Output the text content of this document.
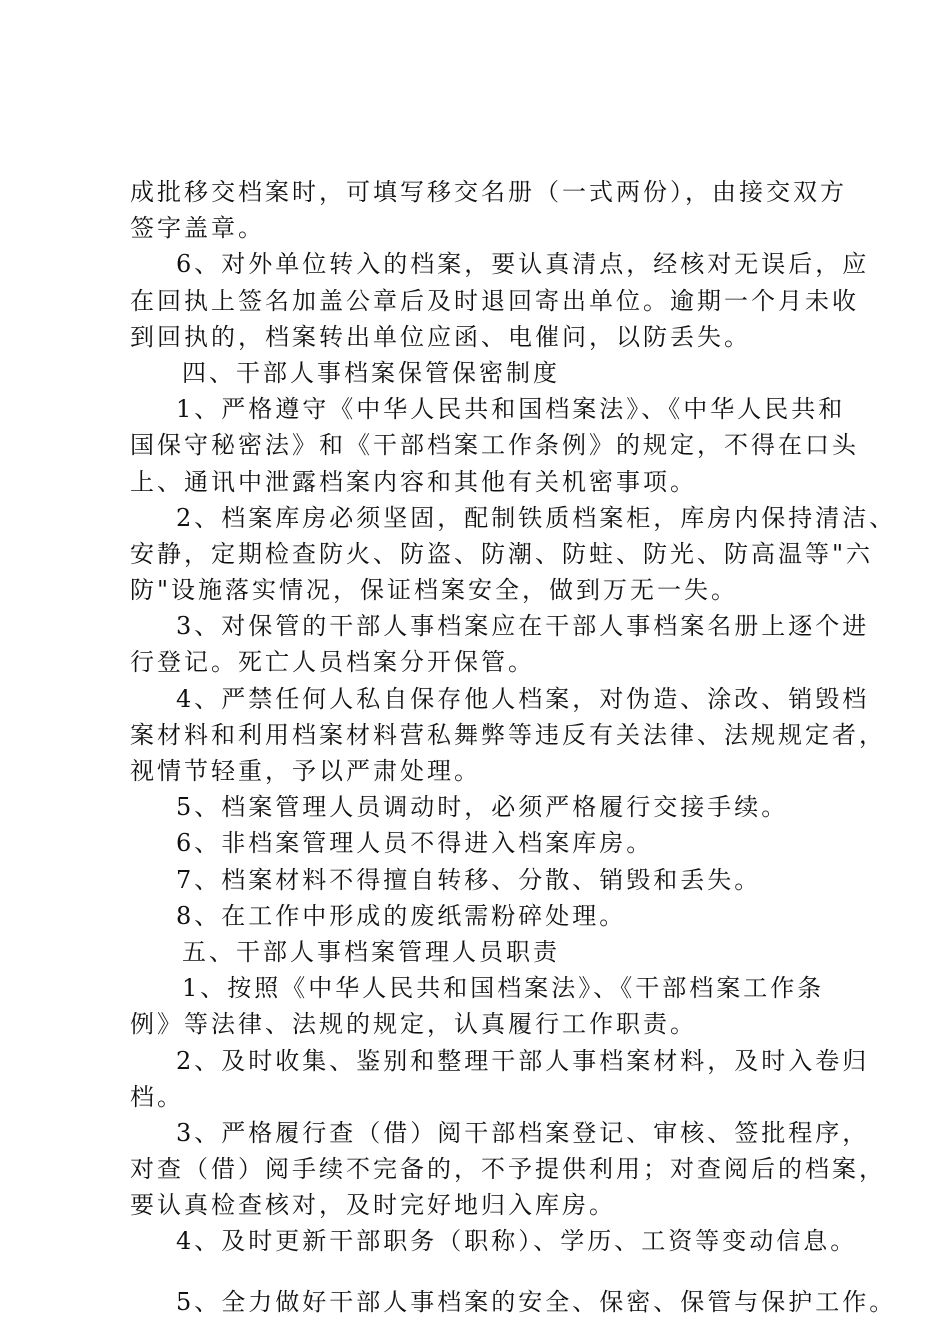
成批移交档案时，可填写移交名册（一式两份），由接交双方
签字盖章。
6、对外单位转入的档案，要认真清点，经核对无误后，应
在回执上签名加盖公章后及时退回寄出单位。逾期一个月未收
到回执的，档案转出单位应函、电催问，以防丢失。
四、干部人事档案保管保密制度
1、严格遵守《中华人民共和国档案法》、《中华人民共和
国保守秘密法》和《干部档案工作条例》的规定，不得在口头
上、通讯中泄露档案内容和其他有关机密事项。
2、档案库房必须坚固，配制铁质档案柜，库房内保持清洁、
安静，定期检查防火、防盗、防潮、防蛀、防光、防高温等"六
防"设施落实情况，保证档案安全，做到万无一失。
3、对保管的干部人事档案应在干部人事档案名册上逐个进
行登记。死亡人员档案分开保管。
4、严禁任何人私自保存他人档案，对伪造、涂改、销毁档
案材料和利用档案材料营私舞弊等违反有关法律、法规规定者，
视情节轻重，予以严肃处理。
5、档案管理人员调动时，必须严格履行交接手续。
6、非档案管理人员不得进入档案库房。
7、档案材料不得擅自转移、分散、销毁和丢失。
8、在工作中形成的废纸需粉碎处理。
五、干部人事档案管理人员职责
1、按照《中华人民共和国档案法》、《干部档案工作条
例》等法律、法规的规定，认真履行工作职责。
2、及时收集、鉴别和整理干部人事档案材料，及时入卷归
档。
3、严格履行查（借）阅干部档案登记、审核、签批程序，
对查（借）阅手续不完备的，不予提供利用；对查阅后的档案，
要认真检查核对，及时完好地归入库房。
4、及时更新干部职务（职称）、学历、工资等变动信息。
5、全力做好干部人事档案的安全、保密、保管与保护工作。
